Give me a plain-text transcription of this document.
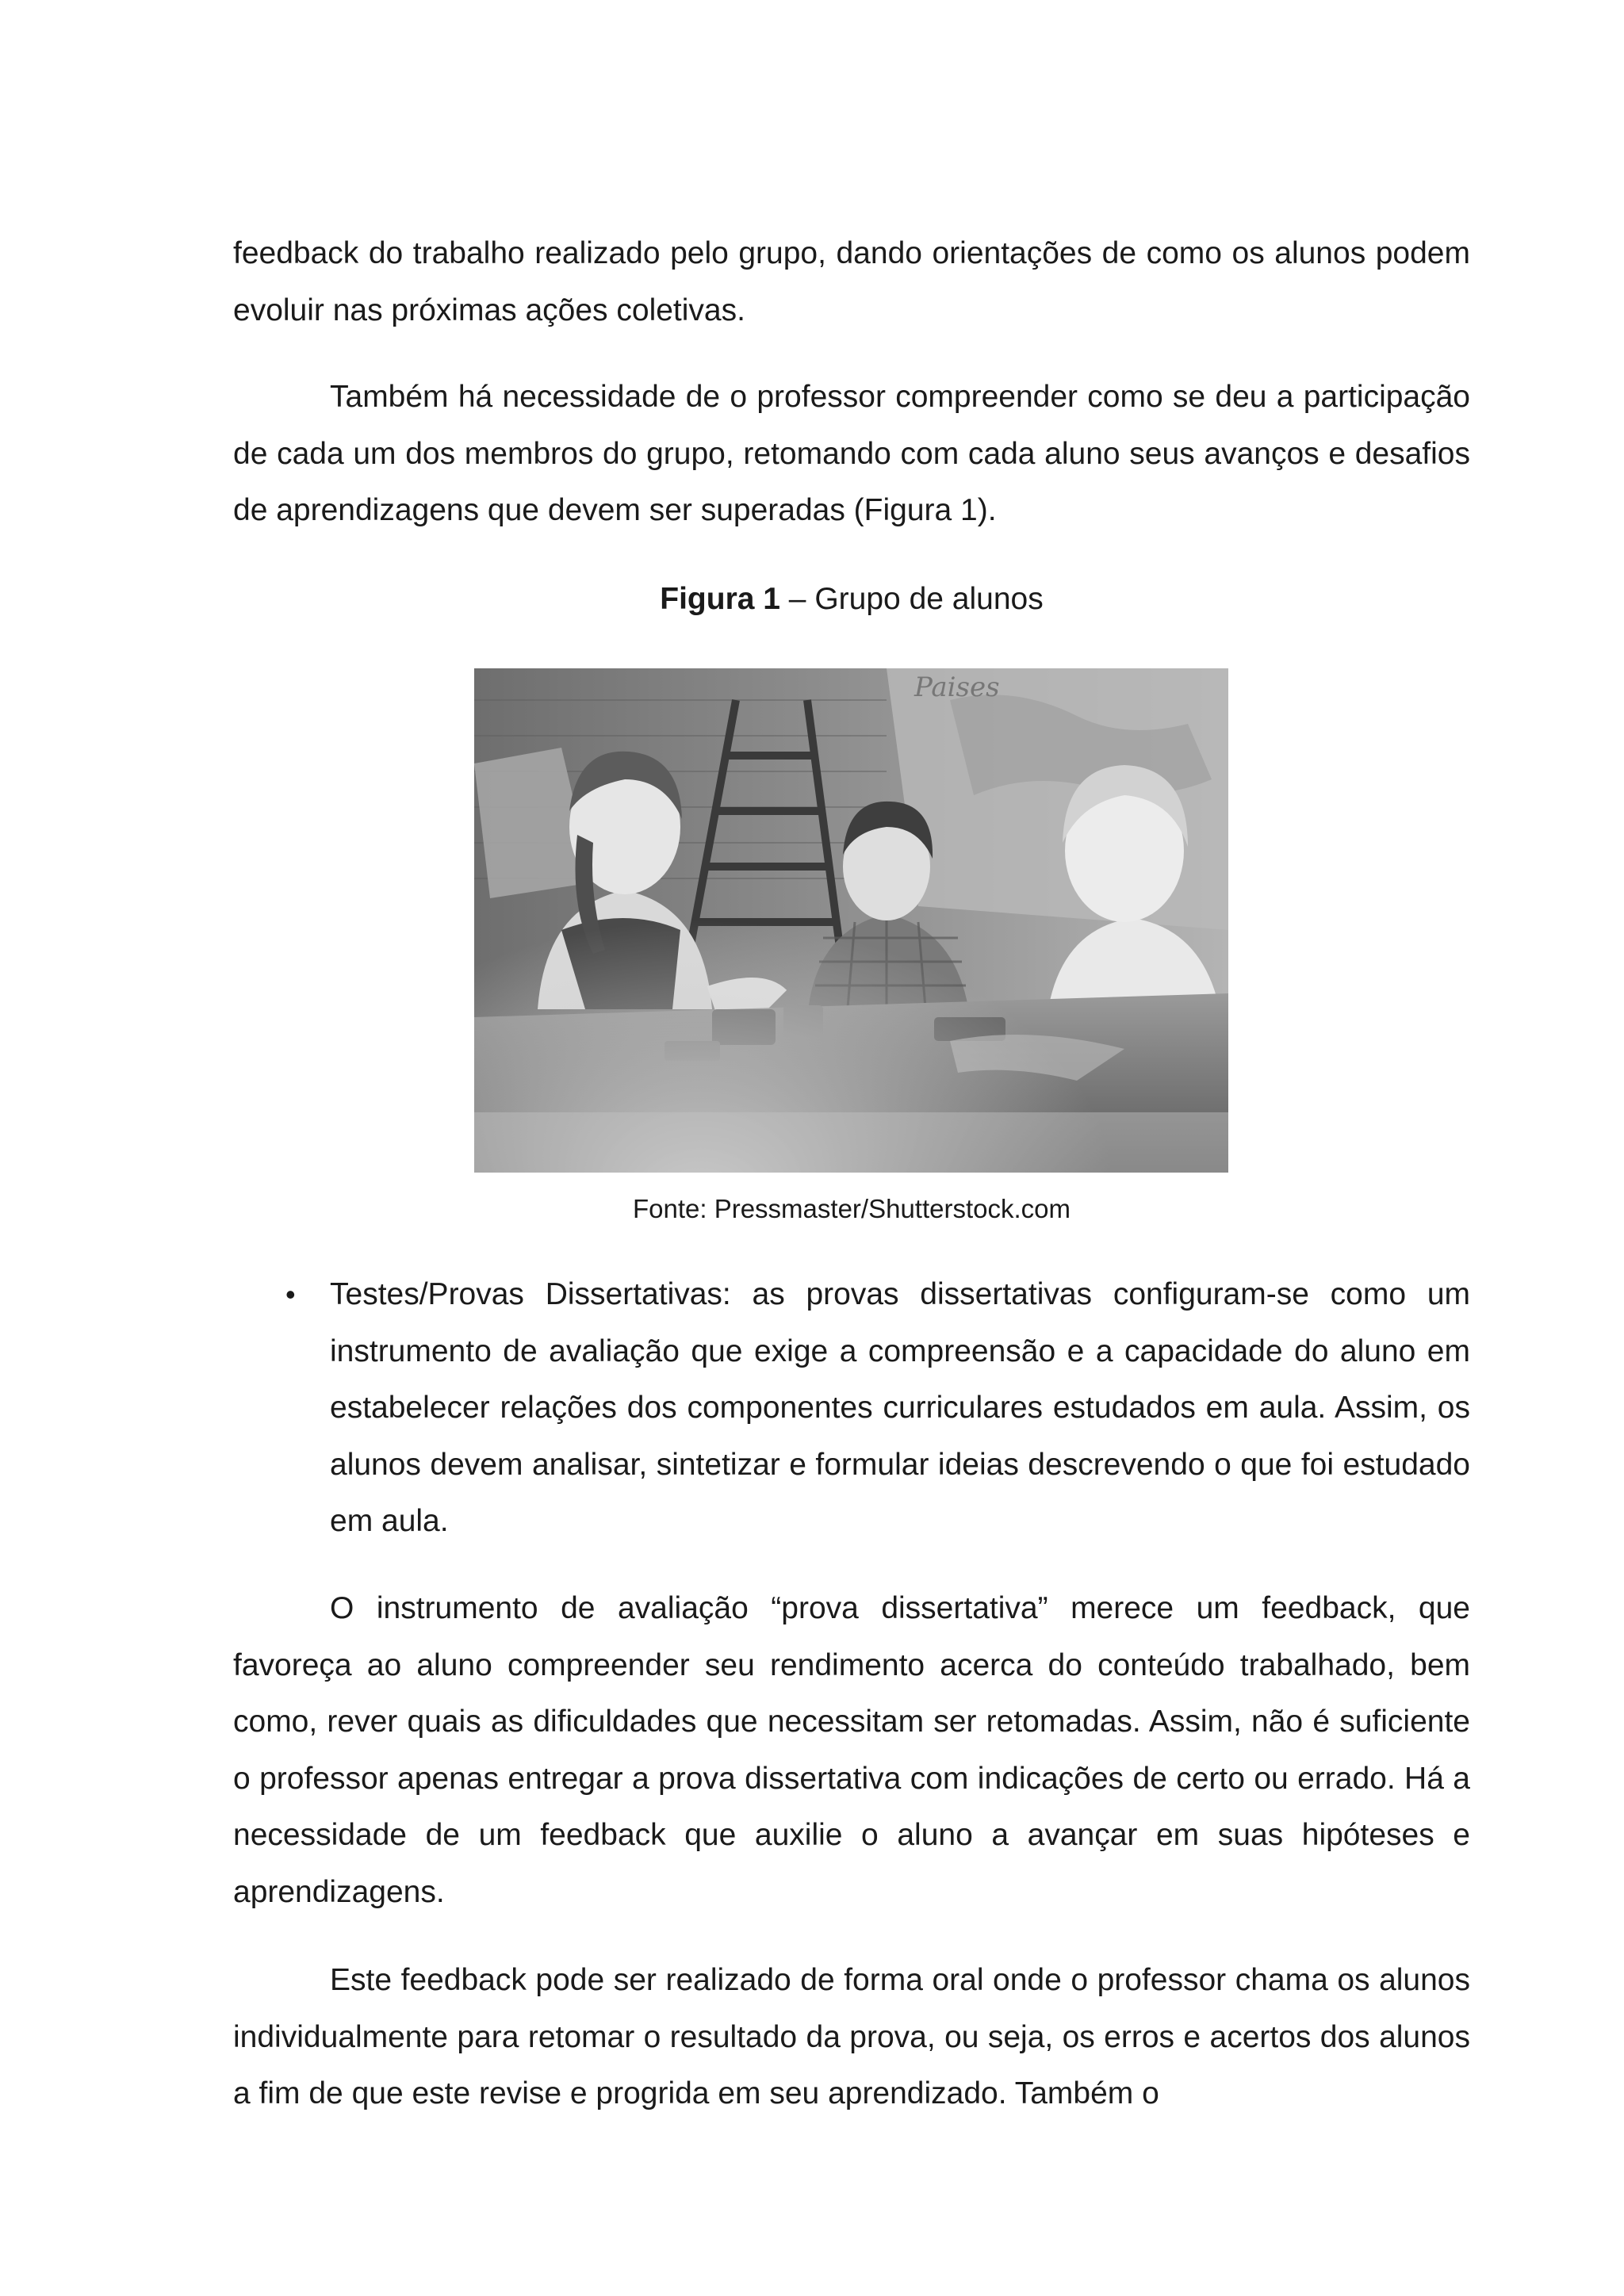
feedback do trabalho realizado pelo grupo, dando orientações de como os alunos podem evoluir nas próximas ações coletivas.

Também há necessidade de o professor compreender como se deu a participação de cada um dos membros do grupo, retomando com cada aluno seus avanços e desafios de aprendizagens que devem ser superadas (Figura 1).

Figura 1 – Grupo de alunos
Fonte: Pressmaster/Shutterstock.com
• Testes/Provas Dissertativas: as provas dissertativas configuram-se como um instrumento de avaliação que exige a compreensão e a capacidade do aluno em estabelecer relações dos componentes curriculares estudados em aula. Assim, os alunos devem analisar, sintetizar e formular ideias descrevendo o que foi estudado em aula.

O instrumento de avaliação “prova dissertativa” merece um feedback, que favoreça ao aluno compreender seu rendimento acerca do conteúdo trabalhado, bem como, rever quais as dificuldades que necessitam ser retomadas. Assim, não é suficiente o professor apenas entregar a prova dissertativa com indicações de certo ou errado. Há a necessidade de um feedback que auxilie o aluno a avançar em suas hipóteses e aprendizagens.

Este feedback pode ser realizado de forma oral onde o professor chama os alunos individualmente para retomar o resultado da prova, ou seja, os erros e acertos dos alunos a fim de que este revise e progrida em seu aprendizado. Também o
